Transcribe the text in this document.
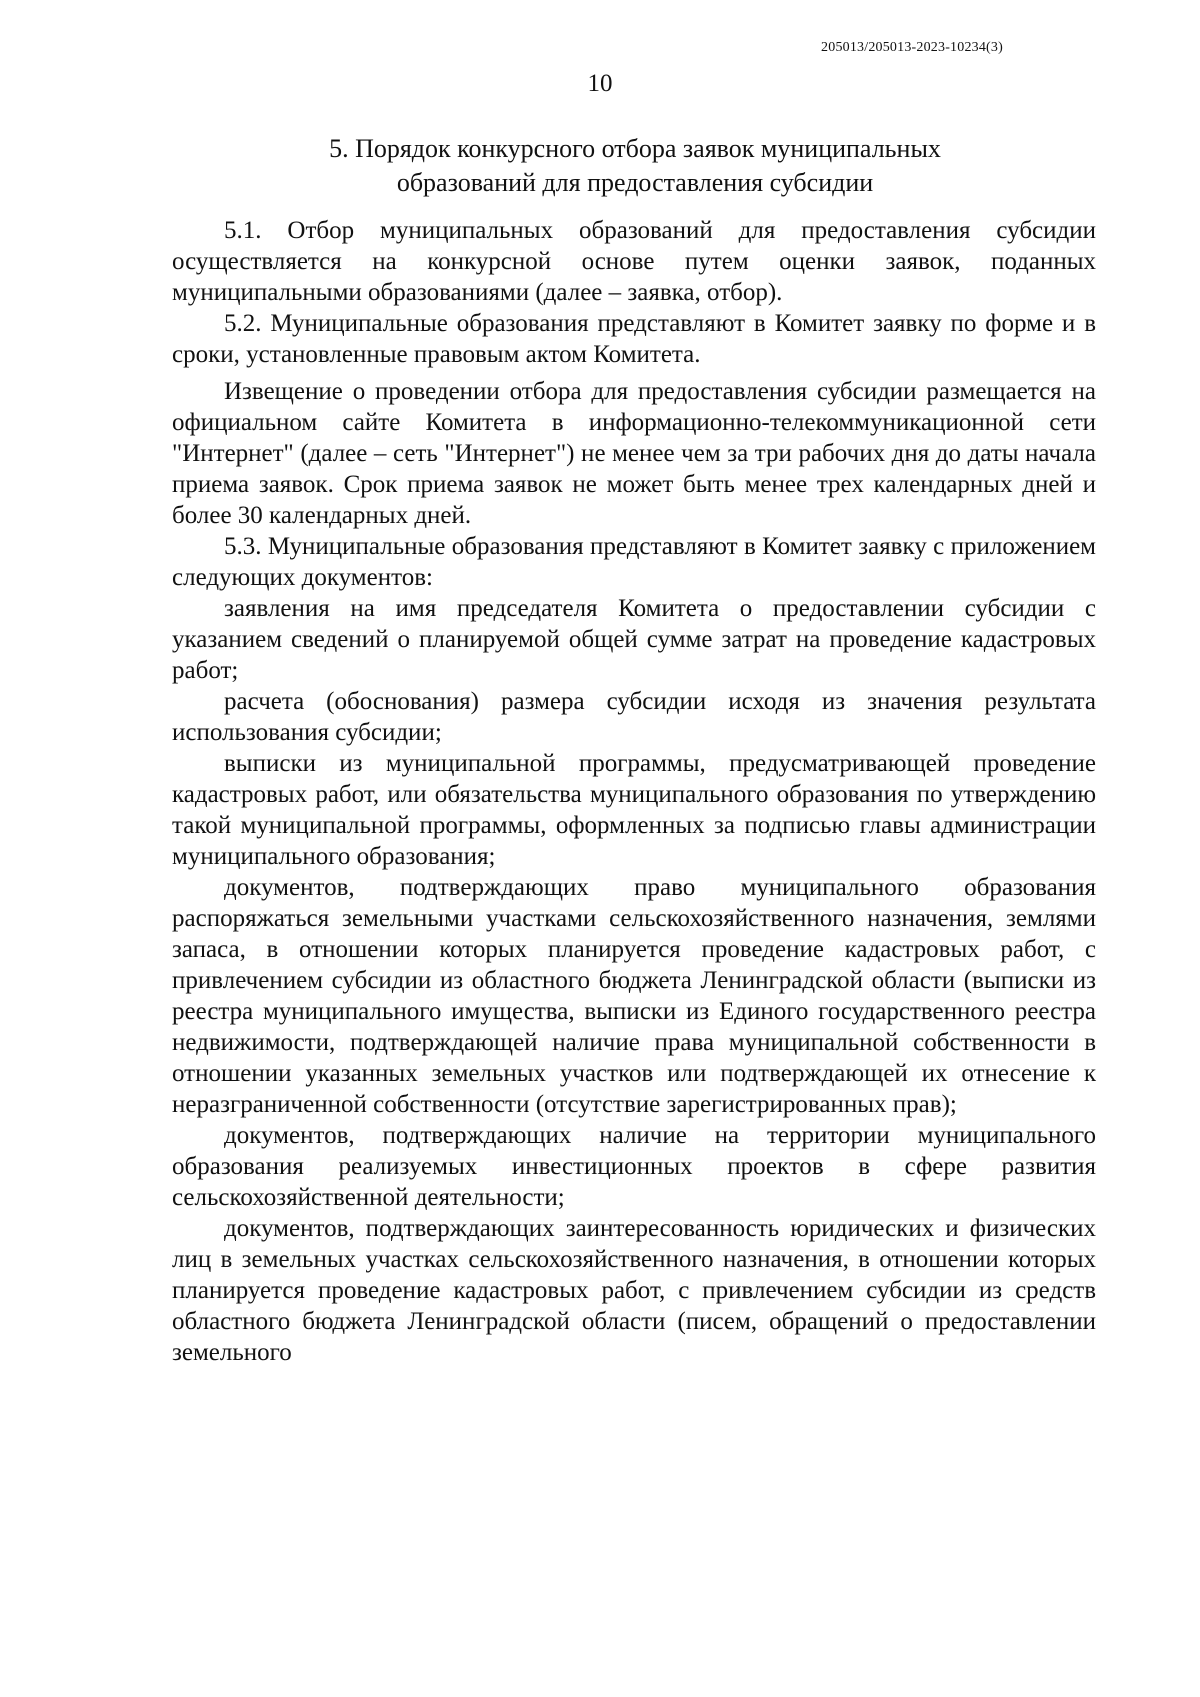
205013/205013-2023-10234(3)
10
5. Порядок конкурсного отбора заявок муниципальных
образований для предоставления субсидии

5.1. Отбор муниципальных образований для предоставления субсидии осуществляется на конкурсной основе путем оценки заявок, поданных муниципальными образованиями (далее – заявка, отбор).

5.2. Муниципальные образования представляют в Комитет заявку по форме и в сроки, установленные правовым актом Комитета.

Извещение о проведении отбора для предоставления субсидии размещается на официальном сайте Комитета в информационно-телекоммуникационной сети "Интернет" (далее – сеть "Интернет") не менее чем за три рабочих дня до даты начала приема заявок. Срок приема заявок не может быть менее трех календарных дней и более 30 календарных дней.

5.3. Муниципальные образования представляют в Комитет заявку с приложением следующих документов:

заявления на имя председателя Комитета о предоставлении субсидии с указанием сведений о планируемой общей сумме затрат на проведение кадастровых работ;

расчета (обоснования) размера субсидии исходя из значения результата использования субсидии;

выписки из муниципальной программы, предусматривающей проведение кадастровых работ, или обязательства муниципального образования по утверждению такой муниципальной программы, оформленных за подписью главы администрации муниципального образования;

документов, подтверждающих право муниципального образования распоряжаться земельными участками сельскохозяйственного назначения, землями запаса, в отношении которых планируется проведение кадастровых работ, с привлечением субсидии из областного бюджета Ленинградской области (выписки из реестра муниципального имущества, выписки из Единого государственного реестра недвижимости, подтверждающей наличие права муниципальной собственности в отношении указанных земельных участков или подтверждающей их отнесение к неразграниченной собственности (отсутствие зарегистрированных прав);

документов, подтверждающих наличие на территории муниципального образования реализуемых инвестиционных проектов в сфере развития сельскохозяйственной деятельности;

документов, подтверждающих заинтересованность юридических и физических лиц в земельных участках сельскохозяйственного назначения, в отношении которых планируется проведение кадастровых работ, с привлечением субсидии из средств областного бюджета Ленинградской области (писем, обращений о предоставлении земельного
